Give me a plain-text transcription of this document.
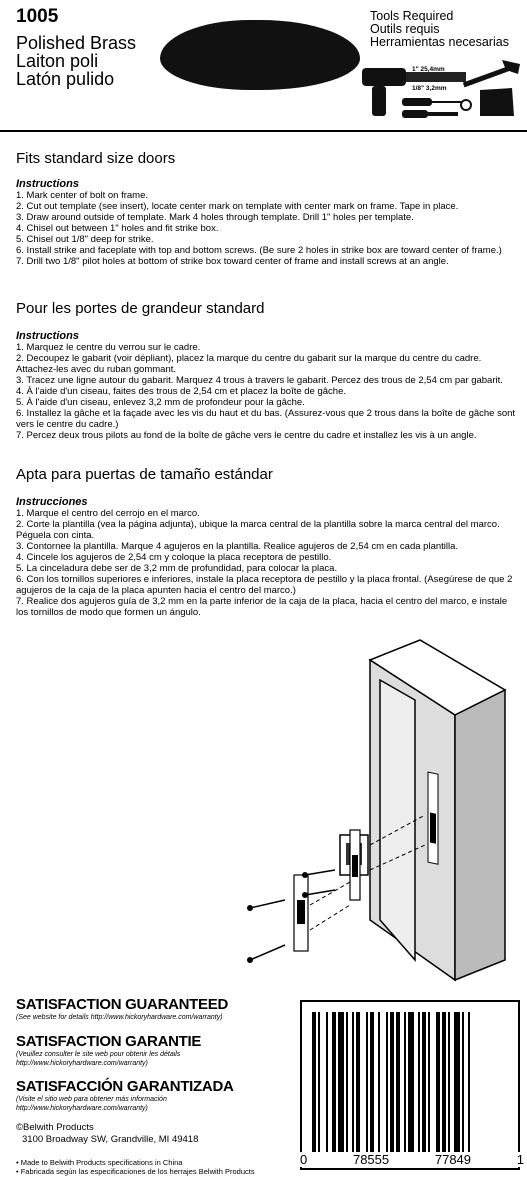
1005
Polished Brass
Laiton poli
Latón pulido
Tools Required
Outils requis
Herramientas necesarias
1" 25,4mm
1/8" 3,2mm
Fits standard size doors
Instructions
1. Mark center of bolt on frame.
2. Cut out template (see insert), locate center mark on template with center mark on frame. Tape in place.
3. Draw around outside of template. Mark 4 holes through template. Drill 1" holes per template.
4. Chisel out between 1" holes and fit strike box.
5. Chisel out 1/8" deep for strike.
6. Install strike and faceplate with top and bottom screws. (Be sure 2 holes in strike box are toward center of frame.)
7. Drill two 1/8" pilot holes at bottom of strike box toward center of frame and install screws at an angle.
Pour les portes de grandeur standard
Instructions
1. Marquez le centre du verrou sur le cadre.
2. Decoupez le gabarit (voir dépliant), placez la marque du centre du gabarit sur la marque du centre du cadre. Attachez-les avec du ruban gommant.
3. Tracez une ligne autour du gabarit. Marquez 4 trous à travers le gabarit. Percez des trous de 2,54 cm par gabarit.
4. À l'aide d'un ciseau, faites des trous de 2,54 cm et placez la boîte de gâche.
5. À l'aide d'un ciseau, enlevez 3,2 mm de profondeur pour la gâche.
6. Installez la gâche et la façade avec les vis du haut et du bas. (Assurez-vous que 2 trous dans la boîte de gâche sont vers le centre du cadre.)
7. Percez deux trous pilots au fond de la boîte de gâche vers le centre du cadre et installez les vis à un angle.
Apta para puertas de tamaño estándar
Instrucciones
1. Marque el centro del cerrojo en el marco.
2. Corte la plantilla (vea la página adjunta), ubique la marca central de la plantilla sobre la marca central del marco. Péguela con cinta.
3. Contornee la plantilla. Marque 4 agujeros en la plantilla. Realice agujeros de 2,54 cm en cada plantilla.
4. Cincele los agujeros de 2,54 cm y coloque la placa receptora de pestillo.
5. La cinceladura debe ser de 3,2 mm de profundidad, para colocar la placa.
6. Con los tornillos superiores e inferiores, instale la placa receptora de pestillo y la placa frontal. (Asegúrese de que 2 agujeros de la caja de la placa apunten hacia el centro del marco.)
7. Realice dos agujeros guía de 3,2 mm en la parte inferior de la caja de la placa, hacia el centro del marco, e instale los tornillos de modo que formen un ángulo.
SATISFACTION GUARANTEED
(See website for details http://www.hickoryhardware.com/warranty)
SATISFACTION GARANTIE
(Veuillez consulter le site web pour obtenir les détails
http://www.hickoryhardware.com/warranty)
SATISFACCIÓN GARANTIZADA
(Visite el sitio web para obtener más información
http://www.hickoryhardware.com/warranty)
©Belwith Products
3100 Broadway SW, Grandville, MI 49418
• Made to Belwith Products specifications in China
• Fabricada según las especificaciones de los herrajes Belwith Products
0	78555	77849	1
